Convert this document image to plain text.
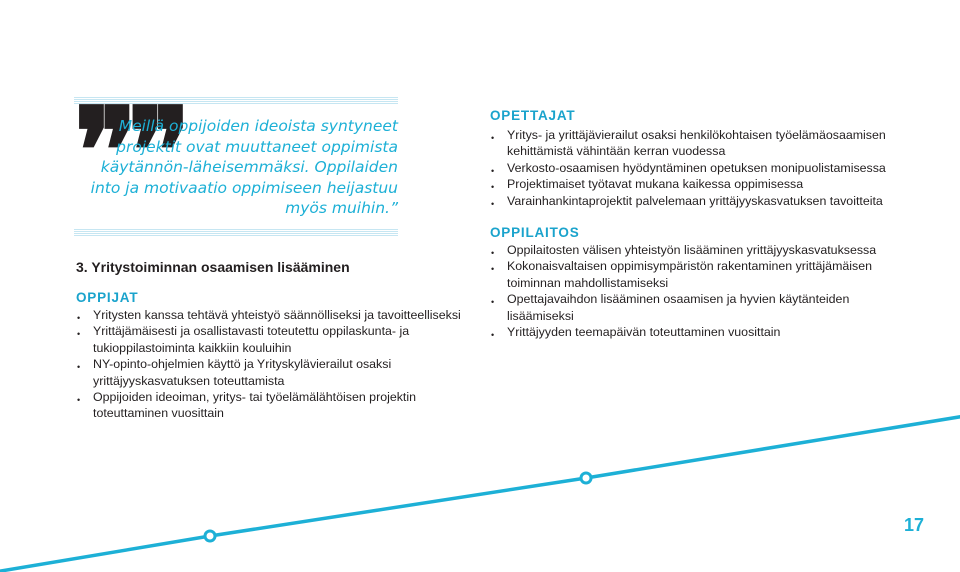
❞❞
Meillä oppijoiden ideoista syntyneet projektit ovat muuttaneet oppimista käytännön-läheisemmäksi. Oppilaiden into ja motivaatio oppimiseen heijastuu myös muihin.”
3. Yritystoiminnan osaamisen lisääminen
OPPIJAT
• Yritysten kanssa tehtävä yhteistyö säännölliseksi ja tavoitteelliseksi
• Yrittäjämäisesti ja osallistavasti toteutettu oppilaskunta- ja tukioppilastoiminta kaikkiin kouluihin
• NY-opinto-ohjelmien käyttö ja Yrityskylävierailut osaksi yrittäjyyskasvatuksen toteuttamista
• Oppijoiden ideoiman, yritys- tai työelämälähtöisen projektin toteuttaminen vuosittain
OPETTAJAT
• Yritys- ja yrittäjävierailut osaksi henkilökohtaisen työelämäosaamisen kehittämistä vähintään kerran vuodessa
• Verkosto-osaamisen hyödyntäminen opetuksen monipuolistamisessa
• Projektimaiset työtavat mukana kaikessa oppimisessa
• Varainhankintaprojektit palvelemaan yrittäjyyskasvatuksen tavoitteita
OPPILAITOS
• Oppilaitosten välisen yhteistyön lisääminen yrittäjyyskasvatuksessa
• Kokonaisvaltaisen oppimisympäristön rakentaminen yrittäjämäisen toiminnan mahdollistamiseksi
• Opettajavaihdon lisääminen osaamisen ja hyvien käytänteiden lisäämiseksi
• Yrittäjyyden teemapäivän toteuttaminen vuosittain
17
